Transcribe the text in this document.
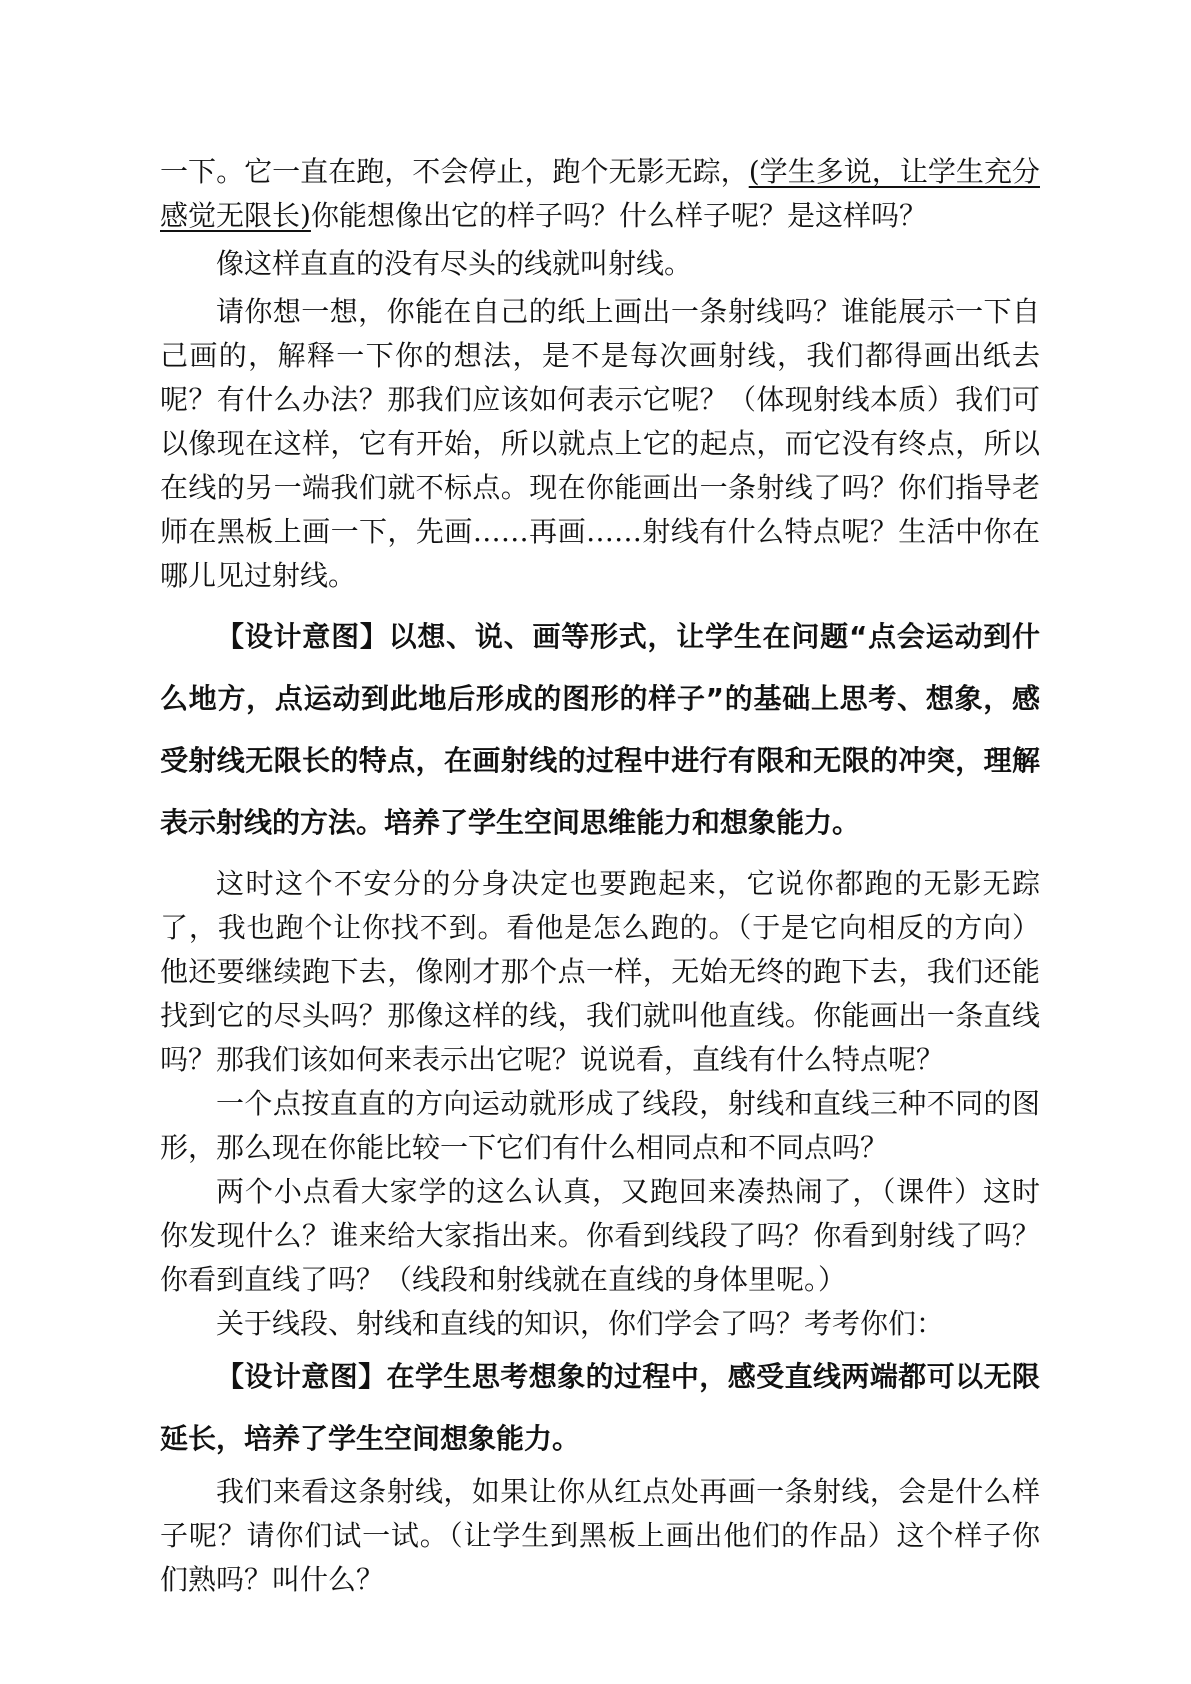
一下。它一直在跑，不会停止，跑个无影无踪，(学生多说，让学生充分感觉无限长)你能想像出它的样子吗？什么样子呢？是这样吗？

像这样直直的没有尽头的线就叫射线。

请你想一想，你能在自己的纸上画出一条射线吗？谁能展示一下自己画的，解释一下你的想法，是不是每次画射线，我们都得画出纸去呢？有什么办法？那我们应该如何表示它呢？（体现射线本质）我们可以像现在这样，它有开始，所以就点上它的起点，而它没有终点，所以在线的另一端我们就不标点。现在你能画出一条射线了吗？你们指导老师在黑板上画一下，先画……再画……射线有什么特点呢？生活中你在哪儿见过射线。

【设计意图】以想、说、画等形式，让学生在问题“点会运动到什么地方，点运动到此地后形成的图形的样子”的基础上思考、想象，感受射线无限长的特点，在画射线的过程中进行有限和无限的冲突，理解表示射线的方法。培养了学生空间思维能力和想象能力。

这时这个不安分的分身决定也要跑起来，它说你都跑的无影无踪了，我也跑个让你找不到。看他是怎么跑的。（于是它向相反的方向）他还要继续跑下去，像刚才那个点一样，无始无终的跑下去，我们还能找到它的尽头吗？那像这样的线，我们就叫他直线。你能画出一条直线吗？那我们该如何来表示出它呢？说说看，直线有什么特点呢？

一个点按直直的方向运动就形成了线段，射线和直线三种不同的图形，那么现在你能比较一下它们有什么相同点和不同点吗？

两个小点看大家学的这么认真，又跑回来凑热闹了，（课件）这时你发现什么？谁来给大家指出来。你看到线段了吗？你看到射线了吗？你看到直线了吗？（线段和射线就在直线的身体里呢。）

关于线段、射线和直线的知识，你们学会了吗？考考你们：

【设计意图】在学生思考想象的过程中，感受直线两端都可以无限延长，培养了学生空间想象能力。

我们来看这条射线，如果让你从红点处再画一条射线，会是什么样子呢？请你们试一试。（让学生到黑板上画出他们的作品）这个样子你们熟吗？叫什么？
